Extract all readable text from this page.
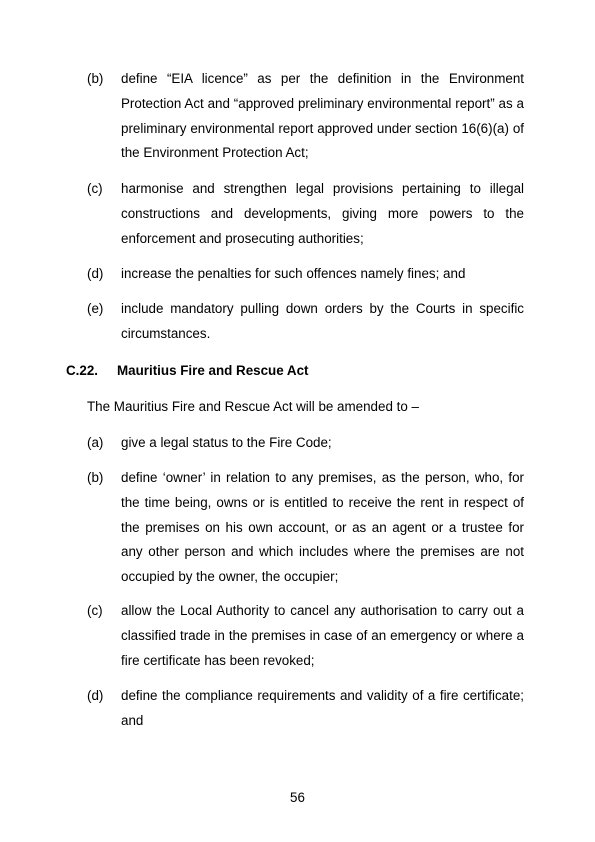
(b) define “EIA licence” as per the definition in the Environment Protection Act and “approved preliminary environmental report” as a preliminary environmental report approved under section 16(6)(a) of the Environment Protection Act;
(c) harmonise and strengthen legal provisions pertaining to illegal constructions and developments, giving more powers to the enforcement and prosecuting authorities;
(d) increase the penalties for such offences namely fines; and
(e) include mandatory pulling down orders by the Courts in specific circumstances.
C.22. Mauritius Fire and Rescue Act
The Mauritius Fire and Rescue Act will be amended to –
(a) give a legal status to the Fire Code;
(b) define ‘owner’ in relation to any premises, as the person, who, for the time being, owns or is entitled to receive the rent in respect of the premises on his own account, or as an agent or a trustee for any other person and which includes where the premises are not occupied by the owner, the occupier;
(c) allow the Local Authority to cancel any authorisation to carry out a classified trade in the premises in case of an emergency or where a fire certificate has been revoked;
(d) define the compliance requirements and validity of a fire certificate; and
56
